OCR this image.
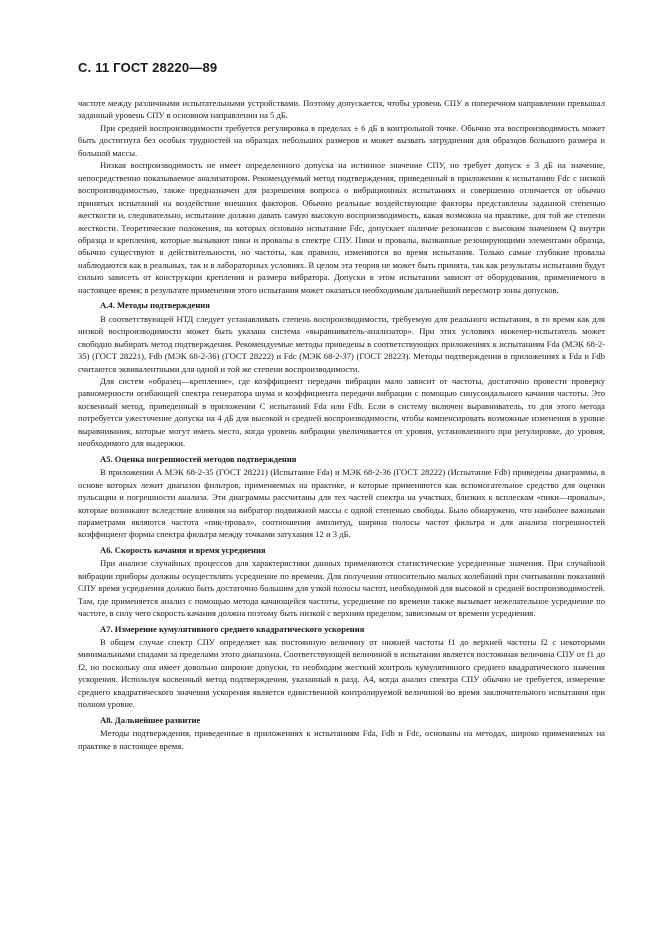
С. 11 ГОСТ 28220—89

частоте между различными испытательными устройствами. Поэтому допускается, чтобы уровень СПУ в поперечном направлении превышал заданный уровень СПУ в основном направлении на 5 дБ.

При средней воспроизводимости требуется регулировка в пределах ± 6 дБ в контрольной точке. Обычно эта воспроизводимость может быть достигнута без особых трудностей на образцах небольших размеров и может вызвать затруднения для образцов большого размера и большой массы.

Низкая воспроизводимость не имеет определенного допуска на истинное значение СПУ, но требует допуск ± 3 дБ на значение, непосредственно показываемое анализатором. Рекомендуемый метод подтверждения, приведенный в приложении к испытанию Fdc с низкой воспроизводимостью, также предназначен для разрешения вопроса о вибрационных испытаниях и совершенно отличается от обычно принятых испытаний на воздействие внешних факторов. Обычно реальные воздействующие факторы представлены заданной степенью жесткости и, следовательно, испытание должно давать самую высокую воспроизводимость, какая возможна на практике, для той же степени жесткости. Теоретические положения, на которых основано испытание Fdc, допускает наличие резонансов с высоким значением Q внутри образца и крепления, которые вызывают пики и провалы в спектре СПУ. Пики и провалы, вызванные резонирующими элементами образца, обычно существуют в действительности, но частоты, как правило, изменяются во время испытания. Только самые глубокие провалы наблюдаются как в реальных, так и в лабораторных условиях. В целом эта теория не может быть принята, так как результаты испытания будут сильно зависеть от конструкции крепления и размера вибратора. Допуски в этом испытании зависят от оборудования, применяемого в настоящее время; в результате применения этого испытания может оказаться необходимым дальнейший пересмотр зоны допусков.

А.4. Методы подтверждения

В соответствующей НТД следует устанавливать степень воспроизводимости, требуемую для реального испытания, в то время как для низкой воспроизводимости может быть указана система «выравниватель-анализатор». При этих условиях инженер-испытатель может свободно выбирать метод подтверждения. Рекомендуемые методы приведены в соответствующих приложениях к испытаниям Fda (МЭК 68-2-35) (ГОСТ 28221), Fdb (МЭК 68-2-36) (ГОСТ 28222) и Fdc (МЭК 68-2-37) (ГОСТ 28223). Методы подтверждения в приложениях к Fda и Fdb считаются эквивалентными для одной и той же степени воспроизводимости.

Для систем «образец—крепление», где коэффициент передачи вибрации мало зависит от частоты, достаточно провести проверку равномерности огибающей спектра генератора шума и коэффициента передачи вибрации с помощью синусоидального качания частоты. Это косвенный метод, приведенный в приложении С испытаний Fda или Fdb. Если в систему включен выравниватель, то для этого метода потребуется ужесточение допуска на 4 дБ для высокой и средней воспроизводимости, чтобы компенсировать возможные изменения в уровне выравнивания, которые могут иметь место, когда уровень вибрации увеличивается от уровня, установленного при регулировке, до уровня, необходимого для выдержки.

А5. Оценка погрешностей методов подтверждения

В приложении А МЭК 68-2-35 (ГОСТ 28221) (Испытание Fda) и МЭК 68-2-36 (ГОСТ 28222) (Испытание Fdb) приведены диаграммы, в основе которых лежит диапазон фильтров, применяемых на практике, и которые применяются как вспомогательное средство для оценки пульсации и погрешности анализа. Эти диаграммы рассчитаны для тех частей спектра на участках, близких к всплескам «пики—провалы», которые возникают вследствие влияния на вибратор подвижной массы с одной степенью свободы. Было обнаружено, что наиболее важными параметрами являются частота «пик-провал», соотношения амплитуд, ширина полосы частот фильтра и для анализа погрешностей коэффициент формы спектра фильтра между точками затухания 12 и 3 дБ.

А6. Скорость качания и время усреднения

При анализе случайных процессов для характеристики данных применяются статистические усредненные значения. При случайной вибрации приборы должны осуществлять усреднение по времени. Для получения относительно малых колебаний при считывании показаний СПУ время усреднения должно быть достаточно большим для узкой полосы частот, необходимой для высокой и средней воспроизводимостей. Там, где применяется анализ с помощью метода качающейся частоты, усреднение по времени также вызывает нежелательное усреднение по частоте, в силу чего скорость качания должна поэтому быть низкой с верхним пределом, зависимым от времени усреднения.

А7. Измерение кумулятивного среднего квадратического ускорения

В общем случае спектр СПУ определяет как постоянную величину от нижней частоты f1 до верхней частоты f2 с некоторыми минимальными спадами за пределами этого диапазона. Соответствующей величиной в испытании является постоянная величина СПУ от f1 до f2, но поскольку она имеет довольно широкие допуски, то необходим жесткий контроль кумулятивного среднего квадратического значения ускорения. Используя косвенный метод подтверждения, указанный в разд. А4, когда анализ спектра СПУ обычно не требуется, измерение среднего квадратического значения ускорения является единственной контролируемой величиной во время заключительного испытания при полном уровне.

А8. Дальнейшее развитие

Методы подтверждения, приведенные в приложениях к испытаниям Fda, Fdb и Fdc, основаны на методах, широко применяемых на практике в настоящее время.
